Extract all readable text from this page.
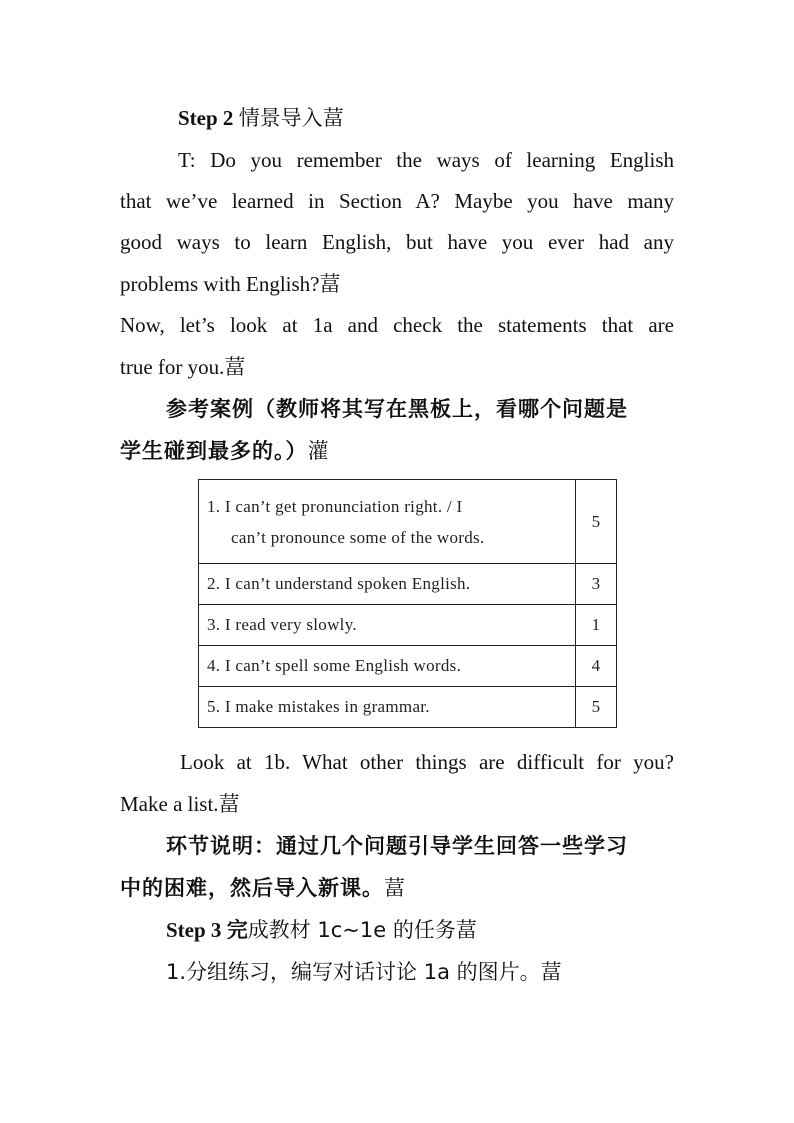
Step 2 情景导入葍
T: Do you remember the ways of learning English
that we’ve learned in Section A? Maybe you have many
good ways to learn English, but have you ever had any
problems with English?葍
Now, let’s look at 1a and check the statements that are
true for you.葍
参考案例（教师将其写在黑板上，看哪个问题是
学生碰到最多的。）灌
1. I can’t get pronunciation right. / I
can’t pronounce some of the words.	5
2. I can’t understand spoken English.	3
3. I read very slowly.	1
4. I can’t spell some English words.	4
5. I make mistakes in grammar.	5
Look at 1b. What other things are difficult for you?
Make a list.葍
环节说明：通过几个问题引导学生回答一些学习
中的困难，然后导入新课。葍
Step 3 完成教材 1c~1e 的任务葍
1.分组练习，编写对话讨论 1a 的图片。葍
